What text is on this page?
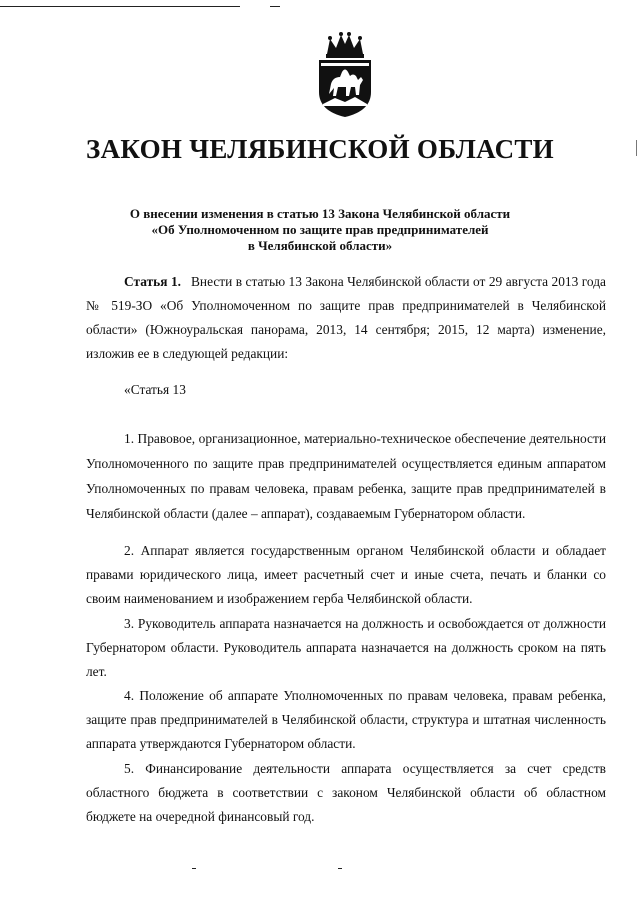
ЗАКОН ЧЕЛЯБИНСКОЙ ОБЛАСТИ
О внесении изменения в статью 13 Закона Челябинской области
«Об Уполномоченном по защите прав предпринимателей
в Челябинской области»

Статья 1. Внести в статью 13 Закона Челябинской области от 29 августа 2013 года № 519-ЗО «Об Уполномоченном по защите прав предпринимателей в Челябинской области» (Южноуральская панорама, 2013, 14 сентября; 2015, 12 марта) изменение, изложив ее в следующей редакции:

«Статья 13

1. Правовое, организационное, материально-техническое обеспечение деятельности Уполномоченного по защите прав предпринимателей осуществляется единым аппаратом Уполномоченных по правам человека, правам ребенка, защите прав предпринимателей в Челябинской области (далее – аппарат), создаваемым Губернатором области.

2. Аппарат является государственным органом Челябинской области и обладает правами юридического лица, имеет расчетный счет и иные счета, печать и бланки со своим наименованием и изображением герба Челябинской области.

3. Руководитель аппарата назначается на должность и освобождается от должности Губернатором области. Руководитель аппарата назначается на должность сроком на пять лет.

4. Положение об аппарате Уполномоченных по правам человека, правам ребенка, защите прав предпринимателей в Челябинской области, структура и штатная численность аппарата утверждаются Губернатором области.

5. Финансирование деятельности аппарата осуществляется за счет средств областного бюджета в соответствии с законом Челябинской области об областном бюджете на очередной финансовый год.
